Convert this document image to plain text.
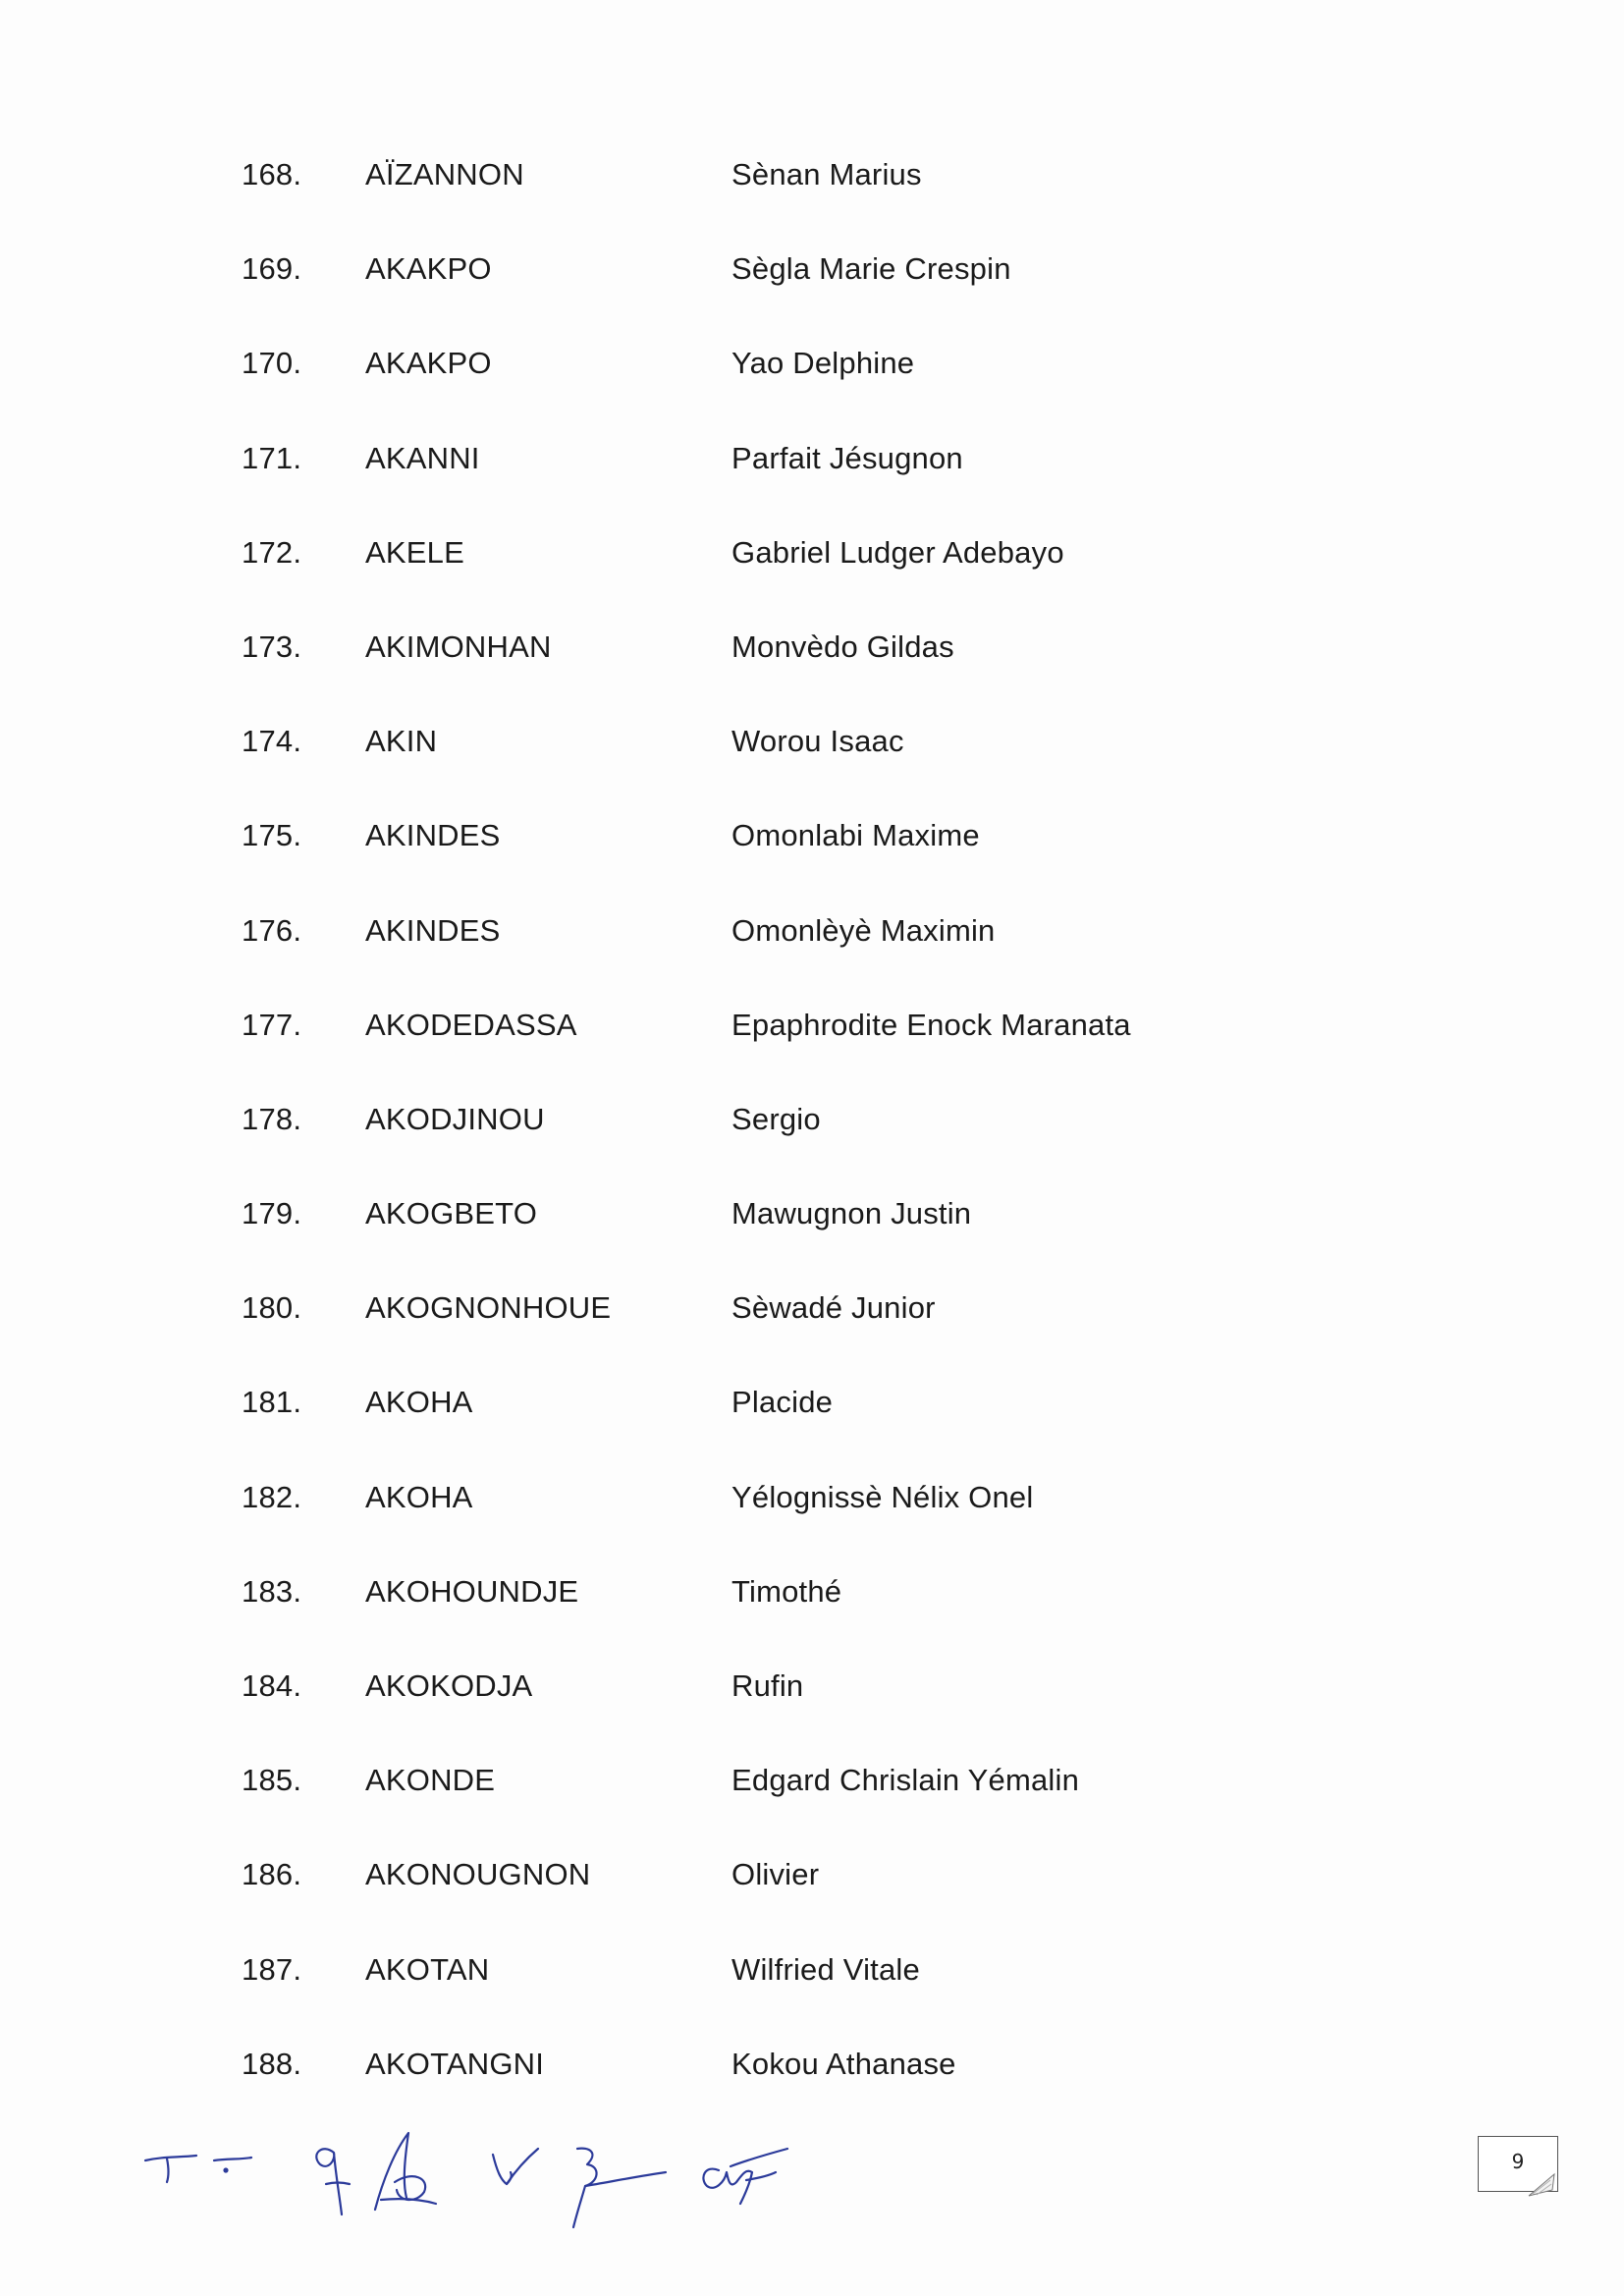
168. AÏZANNON	Sènan Marius
169. AKAKPO	Sègla Marie Crespin
170. AKAKPO	Yao Delphine
171. AKANNI	Parfait Jésugnon
172. AKELE	Gabriel Ludger Adebayo
173. AKIMONHAN	Monvèdo Gildas
174. AKIN	Worou Isaac
175. AKINDES	Omonlabi Maxime
176. AKINDES	Omonlèyè Maximin
177. AKODEDASSA	Epaphrodite Enock Maranata
178. AKODJINOU	Sergio
179. AKOGBETO	Mawugnon Justin
180. AKOGNONHOUE	Sèwadé Junior
181. AKOHA	Placide
182. AKOHA	Yélognissè Nélix Onel
183. AKOHOUNDJE	Timothé
184. AKOKODJA	Rufin
185. AKONDE	Edgard Chrislain Yémalin
186. AKONOUGNON	Olivier
187. AKOTAN	Wilfried Vitale
188. AKOTANGNI	Kokou Athanase
9
